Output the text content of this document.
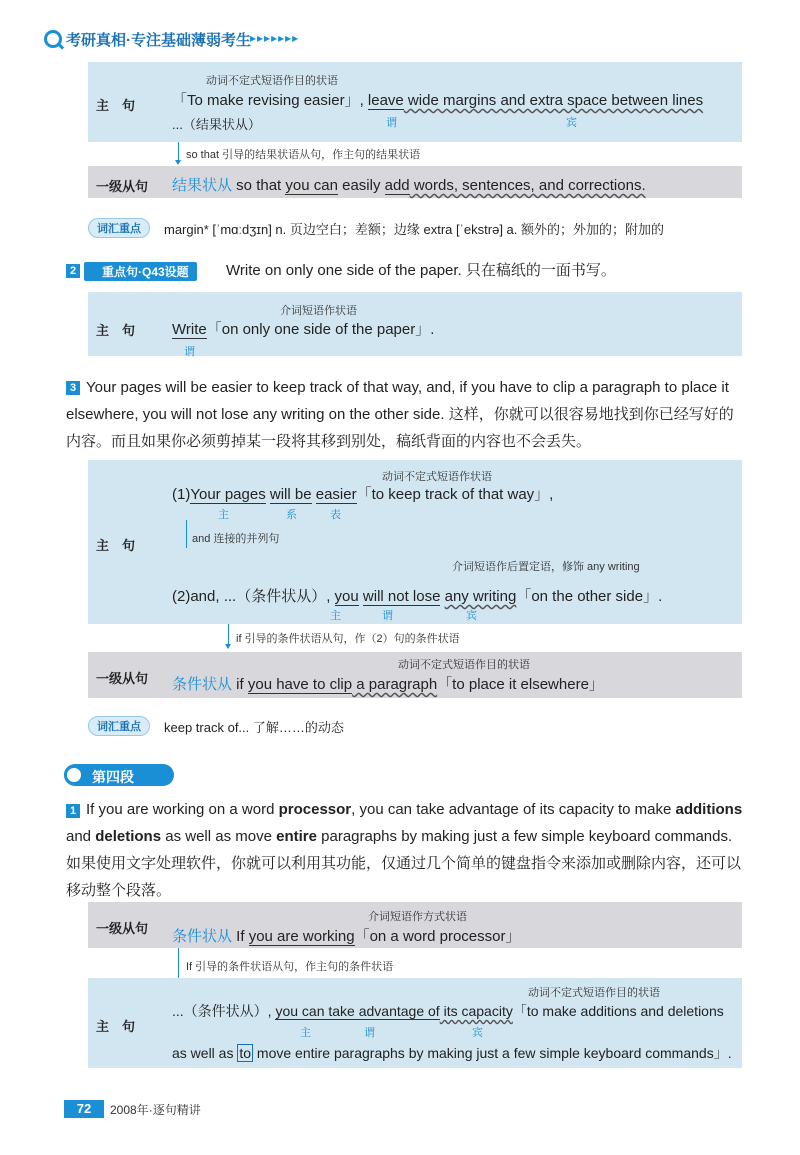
考研真相·专注基础薄弱考生 ▸▸▸▸▸▸▸
主　句
动词不定式短语作目的状语
「To make revising easier」, leave wide margins and extra space between lines
...（结果状从）	谓	宾
so that 引导的结果状语从句，作主句的结果状语
一级从句 结果状从 so that you can easily add words, sentences, and corrections.
词汇重点	margin* [ˈmɑːdʒɪn] n. 页边空白；差额；边缘 extra [ˈekstrə] a. 额外的；外加的；附加的
2	重点句·Q43设题	Write on only one side of the paper. 只在稿纸的一面书写。
主　句
介词短语作状语
Write「on only one side of the paper」.
谓
3 Your pages will be easier to keep track of that way, and, if you have to clip a paragraph to place it elsewhere, you will not lose any writing on the other side. 这样，你就可以很容易地找到你已经写好的内容。而且如果你必须剪掉某一段将其移到别处，稿纸背面的内容也不会丢失。
主　句
动词不定式短语作状语
(1)Your pages will be easier「to keep track of that way」,
主	系	表
and 连接的并列句
介词短语作后置定语，修饰 any writing
(2)and, ...（条件状从）, you will not lose any writing「on the other side」.
主	谓	宾
if 引导的条件状语从句，作（2）句的条件状语
一级从句
动词不定式短语作目的状语
条件状从 if you have to clip a paragraph「to place it elsewhere」
词汇重点	keep track of... 了解……的动态
第四段
1 If you are working on a word processor, you can take advantage of its capacity to make additions and deletions as well as move entire paragraphs by making just a few simple keyboard commands. 如果使用文字处理软件，你就可以利用其功能，仅通过几个简单的键盘指令来添加或删除内容，还可以移动整个段落。
一级从句
介词短语作方式状语
条件状从 If you are working「on a word processor」
If 引导的条件状语从句，作主句的条件状语
主　句
动词不定式短语作目的状语
...（条件状从）, you can take advantage of its capacity「to make additions and deletions
主	谓	宾
as well as to move entire paragraphs by making just a few simple keyboard commands」.
72	2008年·逐句精讲
